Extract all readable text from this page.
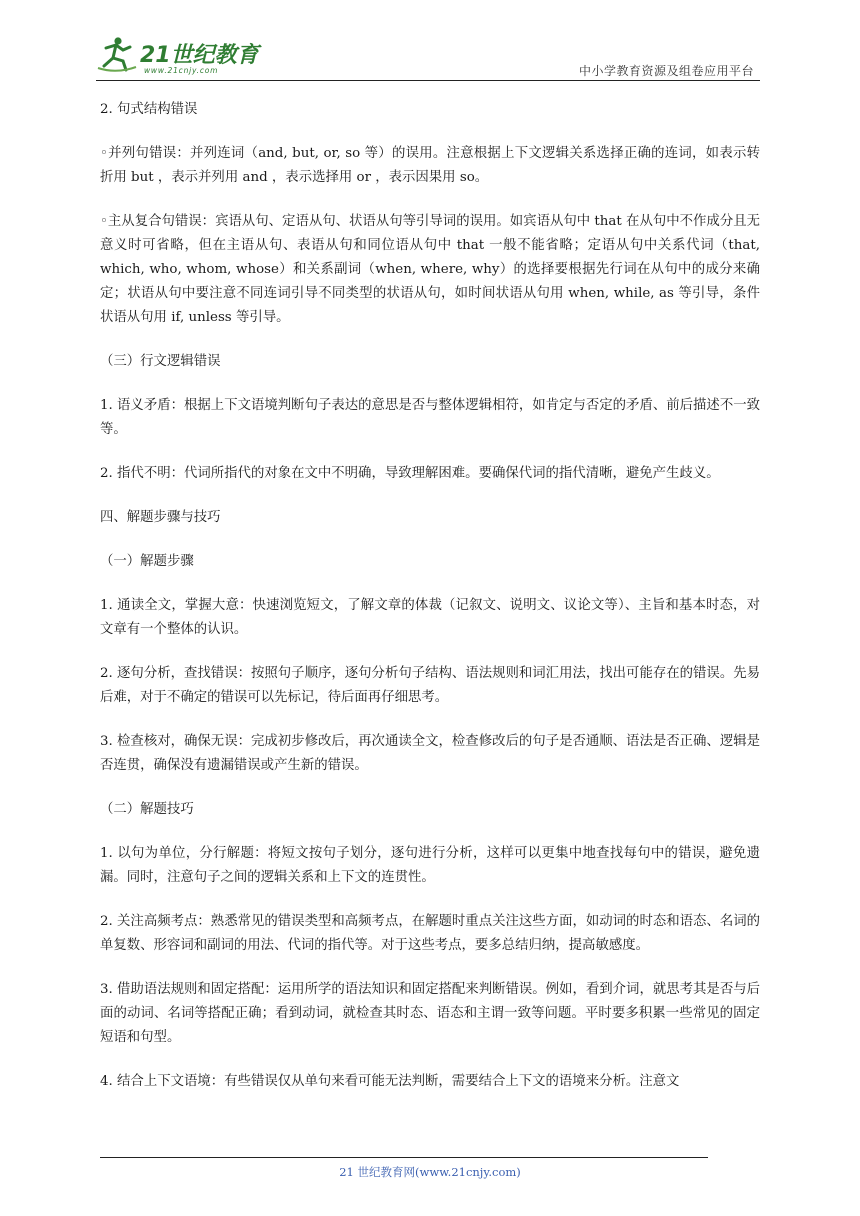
21世纪教育
www.21cnjy.com	中小学教育资源及组卷应用平台

2. 句式结构错误

◦并列句错误：并列连词（and, but, or, so 等）的误用。注意根据上下文逻辑关系选择正确的连词，如表示转折用 but ，表示并列用 and ，表示选择用 or ，表示因果用 so。

◦主从复合句错误：宾语从句、定语从句、状语从句等引导词的误用。如宾语从句中 that 在从句中不作成分且无意义时可省略，但在主语从句、表语从句和同位语从句中 that 一般不能省略；定语从句中关系代词（that, which, who, whom, whose）和关系副词（when, where, why）的选择要根据先行词在从句中的成分来确定；状语从句中要注意不同连词引导不同类型的状语从句，如时间状语从句用 when, while, as 等引导，条件状语从句用 if, unless 等引导。

（三）行文逻辑错误

1. 语义矛盾：根据上下文语境判断句子表达的意思是否与整体逻辑相符，如肯定与否定的矛盾、前后描述不一致等。

2. 指代不明：代词所指代的对象在文中不明确，导致理解困难。要确保代词的指代清晰，避免产生歧义。

四、解题步骤与技巧

（一）解题步骤

1. 通读全文，掌握大意：快速浏览短文，了解文章的体裁（记叙文、说明文、议论文等）、主旨和基本时态，对文章有一个整体的认识。

2. 逐句分析，查找错误：按照句子顺序，逐句分析句子结构、语法规则和词汇用法，找出可能存在的错误。先易后难，对于不确定的错误可以先标记，待后面再仔细思考。

3. 检查核对，确保无误：完成初步修改后，再次通读全文，检查修改后的句子是否通顺、语法是否正确、逻辑是否连贯，确保没有遗漏错误或产生新的错误。

（二）解题技巧

1. 以句为单位，分行解题：将短文按句子划分，逐句进行分析，这样可以更集中地查找每句中的错误，避免遗漏。同时，注意句子之间的逻辑关系和上下文的连贯性。

2. 关注高频考点：熟悉常见的错误类型和高频考点，在解题时重点关注这些方面，如动词的时态和语态、名词的单复数、形容词和副词的用法、代词的指代等。对于这些考点，要多总结归纳，提高敏感度。

3. 借助语法规则和固定搭配：运用所学的语法知识和固定搭配来判断错误。例如，看到介词，就思考其是否与后面的动词、名词等搭配正确；看到动词，就检查其时态、语态和主谓一致等问题。平时要多积累一些常见的固定短语和句型。

4. 结合上下文语境：有些错误仅从单句来看可能无法判断，需要结合上下文的语境来分析。注意文

21 世纪教育网(www.21cnjy.com)
